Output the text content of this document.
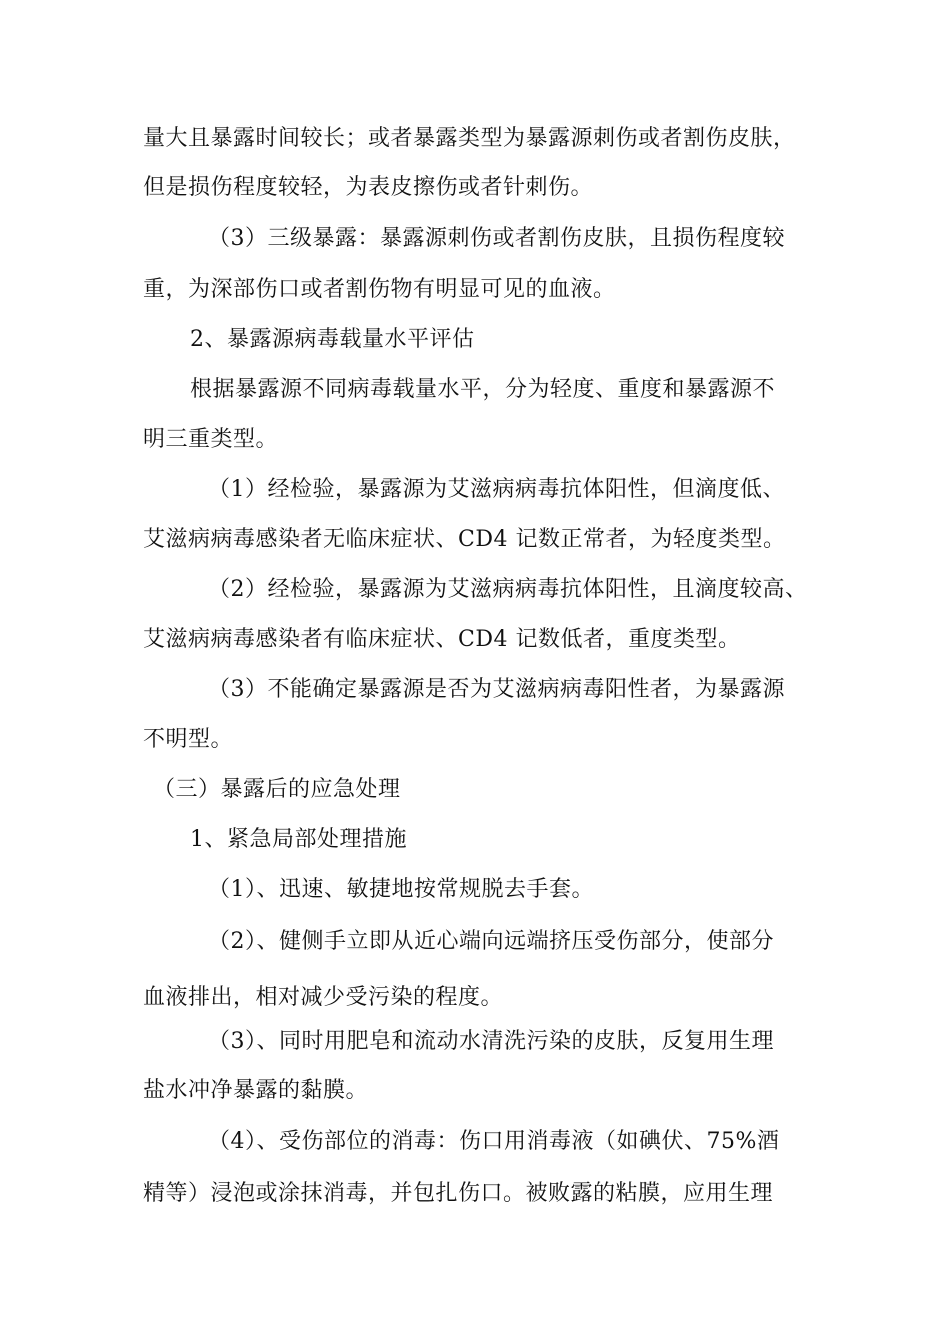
量大且暴露时间较长；或者暴露类型为暴露源刺伤或者割伤皮肤，
但是损伤程度较轻，为表皮擦伤或者针刺伤。
（3）三级暴露：暴露源刺伤或者割伤皮肤，且损伤程度较
重，为深部伤口或者割伤物有明显可见的血液。
2、暴露源病毒载量水平评估
根据暴露源不同病毒载量水平，分为轻度、重度和暴露源不
明三重类型。
（1）经检验，暴露源为艾滋病病毒抗体阳性，但滴度低、
艾滋病病毒感染者无临床症状、CD4 记数正常者，为轻度类型。
（2）经检验，暴露源为艾滋病病毒抗体阳性，且滴度较高、
艾滋病病毒感染者有临床症状、CD4 记数低者，重度类型。
（3）不能确定暴露源是否为艾滋病病毒阳性者，为暴露源
不明型。
（三）暴露后的应急处理
1、紧急局部处理措施
（1）、迅速、敏捷地按常规脱去手套。
（2）、健侧手立即从近心端向远端挤压受伤部分，使部分
血液排出，相对减少受污染的程度。
（3）、同时用肥皂和流动水清洗污染的皮肤，反复用生理
盐水冲净暴露的黏膜。
（4）、受伤部位的消毒：伤口用消毒液（如碘伏、75%酒
精等）浸泡或涂抹消毒，并包扎伤口。被败露的粘膜，应用生理
